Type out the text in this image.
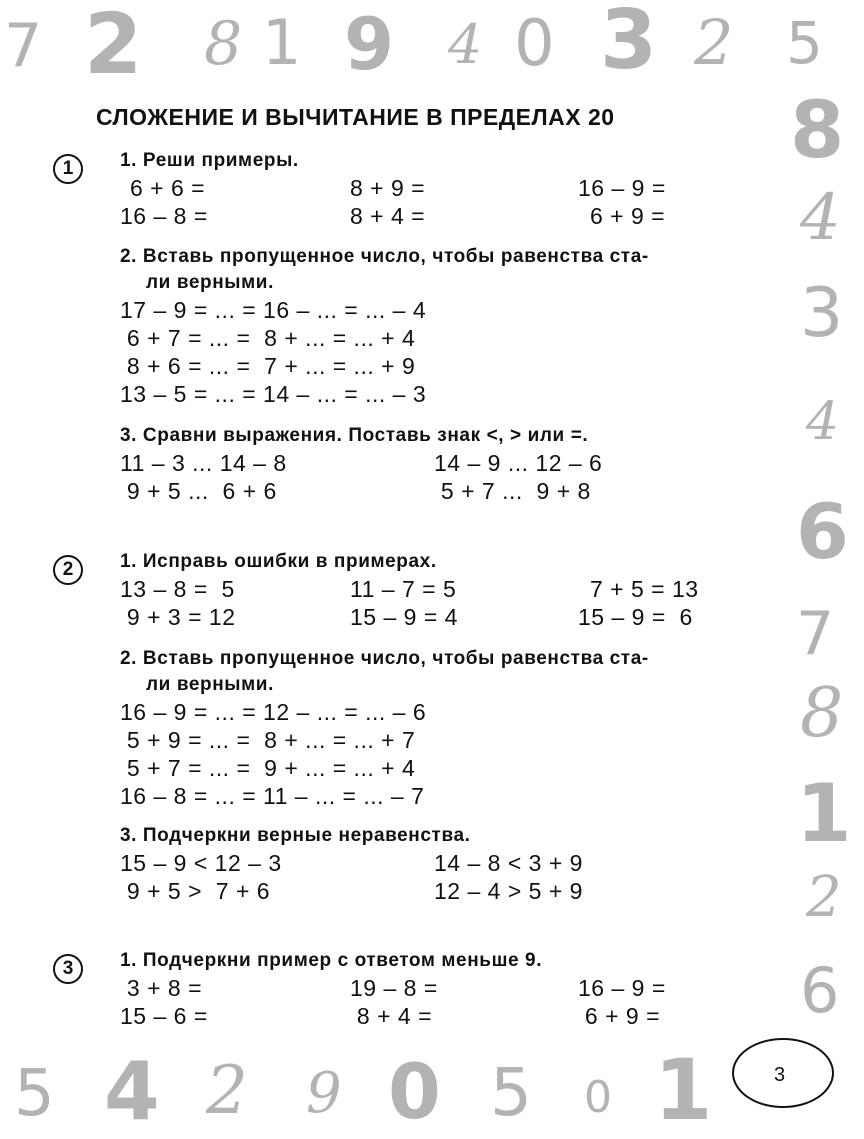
7 2 8 1 9 4 0 3 2 5
8
4
3
4
6
7
8
1
2
6
5 4 2 9 0 5 0 1
СЛОЖЕНИЕ И ВЫЧИТАНИЕ В ПРЕДЕЛАХ 20
1	1. Реши примеры.
6 + 6 =	8 + 9 =	16 – 9 =
16 – 8 =	8 + 4 =	6 + 9 =
2. Вставь пропущенное число, чтобы равенства ста-
ли верными.
17 – 9 = ... = 16 – ... = ... – 4
6 + 7 = ... =  8 + ... = ... + 4
8 + 6 = ... =  7 + ... = ... + 9
13 – 5 = ... = 14 – ... = ... – 3
3. Сравни выражения. Поставь знак <, > или =.
11 – 3 ... 14 – 8	14 – 9 ... 12 – 6
9 + 5 ...  6 + 6	5 + 7 ...  9 + 8
2	1. Исправь ошибки в примерах.
13 – 8 =  5	11 – 7 = 5	7 + 5 = 13
9 + 3 = 12	15 – 9 = 4	15 – 9 =  6
2. Вставь пропущенное число, чтобы равенства ста-
ли верными.
16 – 9 = ... = 12 – ... = ... – 6
5 + 9 = ... =  8 + ... = ... + 7
5 + 7 = ... =  9 + ... = ... + 4
16 – 8 = ... = 11 – ... = ... – 7
3. Подчеркни верные неравенства.
15 – 9 < 12 – 3	14 – 8 < 3 + 9
9 + 5 >  7 + 6	12 – 4 > 5 + 9
3	1. Подчеркни пример с ответом меньше 9.
3 + 8 =	19 – 8 =	16 – 9 =
15 – 6 =	8 + 4 =	6 + 9 =
3
